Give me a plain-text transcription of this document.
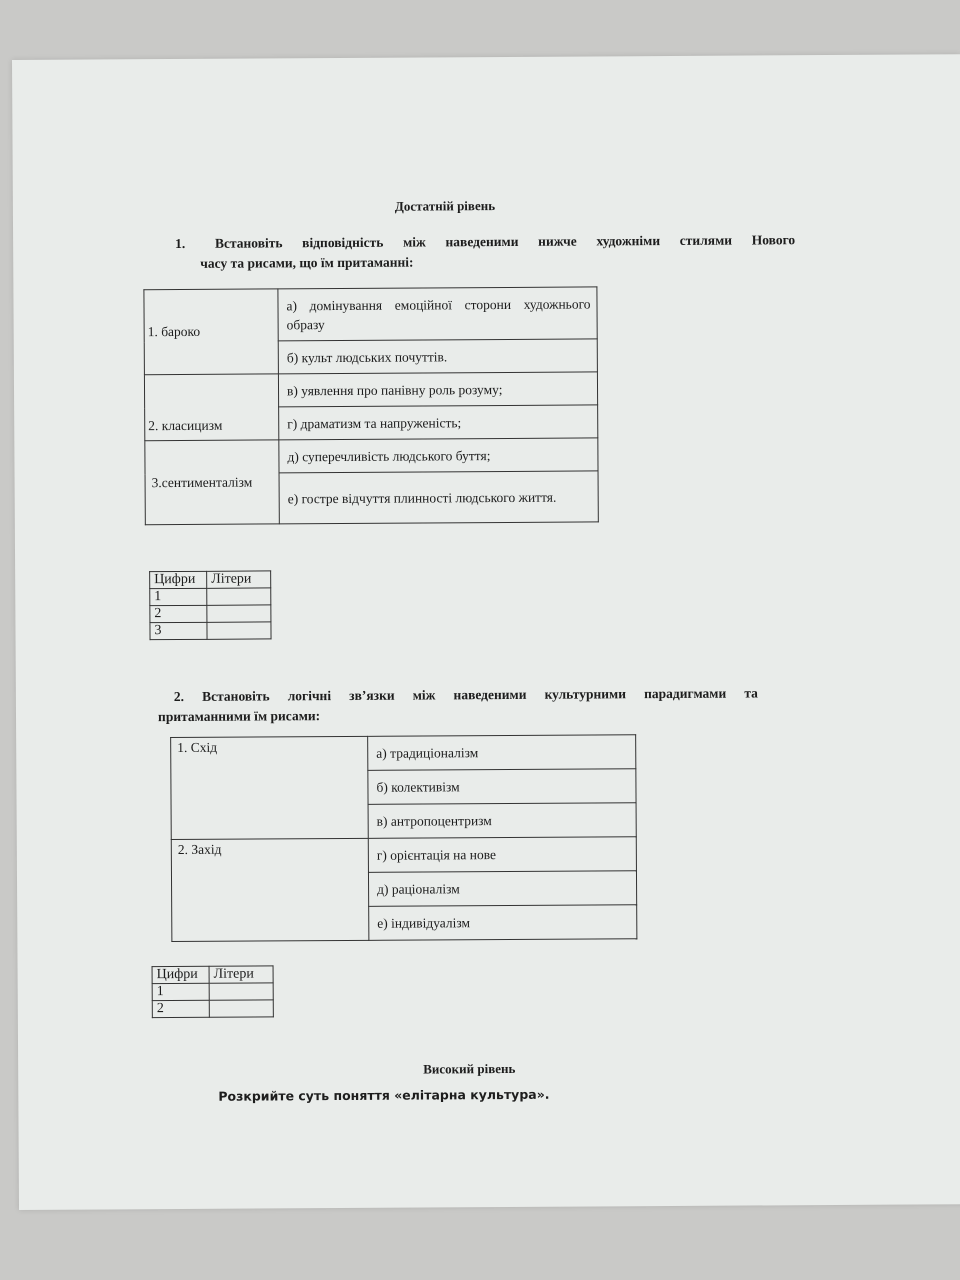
Достатній рівень
1. Встановіть відповідність між наведеними нижче художніми стилями Нового
часу та рисами, що їм притаманні:
1. бароко	а) домінування емоційної сторони художнього образу
	б) культ людських почуттів.
2. класицизм	в) уявлення про панівну роль розуму;
	г) драматизм та напруженість;
3.сентименталізм	д) суперечливість людського буття;
	е) гостре відчуття плинності людського життя.
Цифри	Літери
1	
2	
3	
2. Встановіть логічні зв’язки між наведеними культурними парадигмами та
притаманними їм рисами:
1. Схід	а) традиціоналізм
	б) колективізм
	в) антропоцентризм
2. Захід	г) орієнтація на нове
	д) раціоналізм
	е) індивідуалізм
Цифри	Літери
1	
2	
Високий рівень
Розкрийте суть поняття «елітарна культура».
